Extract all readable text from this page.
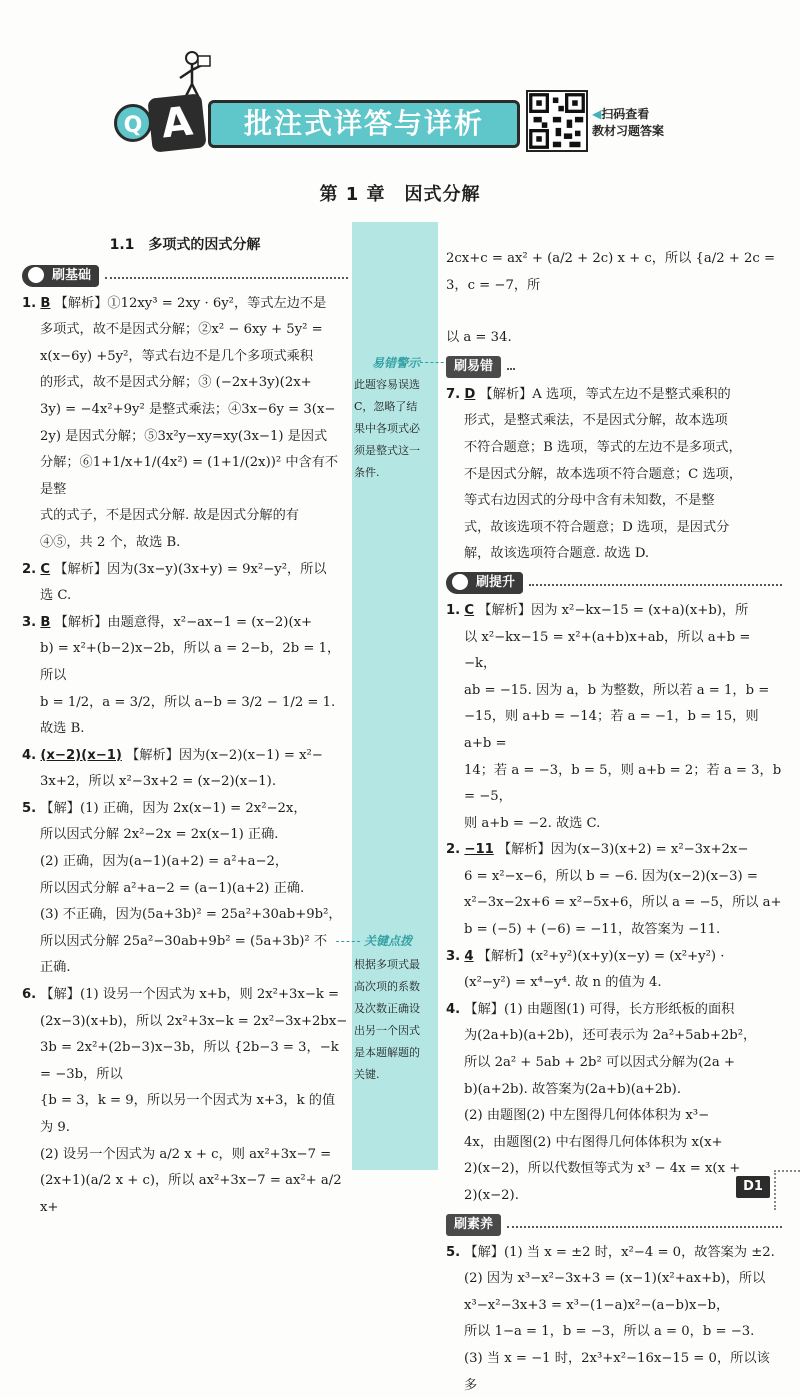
Q A	批注式详答与详析	◀扫码查看
教材习题答案
第 1 章　因式分解
易错警示
此题容易误选
C，忽略了结
果中各项式必
须是整式这一
条件.
关键点拨
根据多项式最
高次项的系数
及次数正确设
出另一个因式
是本题解题的
关键.
1.1　多项式的因式分解
刷基础
1. B 【解析】①12xy³ = 2xy · 6y²，等式左边不是
多项式，故不是因式分解；②x² − 6xy + 5y² =
x(x−6y) +5y²，等式右边不是几个多项式乘积
的形式，故不是因式分解；③ (−2x+3y)(2x+
3y) = −4x²+9y² 是整式乘法；④3x−6y = 3(x−
2y) 是因式分解；⑤3x²y−xy=xy(3x−1) 是因式
分解；⑥1+1/x+1/(4x²) = (1+1/(2x))² 中含有不是整
式的式子，不是因式分解. 故是因式分解的有
④⑤，共 2 个，故选 B.
2. C 【解析】因为(3x−y)(3x+y) = 9x²−y²，所以
选 C.
3. B 【解析】由题意得，x²−ax−1 = (x−2)(x+
b) = x²+(b−2)x−2b，所以 a = 2−b，2b = 1，所以
b = 1/2，a = 3/2，所以 a−b = 3/2 − 1/2 = 1. 故选 B.
4. (x−2)(x−1) 【解析】因为(x−2)(x−1) = x²−
3x+2，所以 x²−3x+2 = (x−2)(x−1).
5. 【解】(1) 正确，因为 2x(x−1) = 2x²−2x，
所以因式分解 2x²−2x = 2x(x−1) 正确.
(2) 正确，因为(a−1)(a+2) = a²+a−2，
所以因式分解 a²+a−2 = (a−1)(a+2) 正确.
(3) 不正确，因为(5a+3b)² = 25a²+30ab+9b²，
所以因式分解 25a²−30ab+9b² = (5a+3b)² 不
正确.
6. 【解】(1) 设另一个因式为 x+b，则 2x²+3x−k =
(2x−3)(x+b)，所以 2x²+3x−k = 2x²−3x+2bx−
3b = 2x²+(2b−3)x−3b，所以 {2b−3 = 3，−k = −3b，所以
{b = 3，k = 9，所以另一个因式为 x+3，k 的值为 9.
(2) 设另一个因式为 a/2 x + c，则 ax²+3x−7 =
(2x+1)(a/2 x + c)，所以 ax²+3x−7 = ax²+ a/2 x+
2cx+c = ax² + (a/2 + 2c) x + c，所以 {a/2 + 2c = 3，c = −7，所
以 a = 34.
刷易错
7. D 【解析】A 选项，等式左边不是整式乘积的
形式，是整式乘法，不是因式分解，故本选项
不符合题意；B 选项，等式的左边不是多项式，
不是因式分解，故本选项不符合题意；C 选项，
等式右边因式的分母中含有未知数，不是整
式，故该选项不符合题意；D 选项，是因式分
解，故该选项符合题意. 故选 D.
刷提升
1. C 【解析】因为 x²−kx−15 = (x+a)(x+b)，所
以 x²−kx−15 = x²+(a+b)x+ab，所以 a+b = −k，
ab = −15. 因为 a，b 为整数，所以若 a = 1，b =
−15，则 a+b = −14；若 a = −1，b = 15，则 a+b =
14；若 a = −3，b = 5，则 a+b = 2；若 a = 3，b = −5，
则 a+b = −2. 故选 C.
2. −11 【解析】因为(x−3)(x+2) = x²−3x+2x−
6 = x²−x−6，所以 b = −6. 因为(x−2)(x−3) =
x²−3x−2x+6 = x²−5x+6，所以 a = −5，所以 a+
b = (−5) + (−6) = −11，故答案为 −11.
3. 4 【解析】(x²+y²)(x+y)(x−y) = (x²+y²) ·
(x²−y²) = x⁴−y⁴. 故 n 的值为 4.
4. 【解】(1) 由题图(1) 可得，长方形纸板的面积
为(2a+b)(a+2b)，还可表示为 2a²+5ab+2b²，
所以 2a² + 5ab + 2b² 可以因式分解为(2a +
b)(a+2b). 故答案为(2a+b)(a+2b).
(2) 由题图(2) 中左图得几何体体积为 x³−
4x，由题图(2) 中右图得几何体体积为 x(x+
2)(x−2)，所以代数恒等式为 x³ − 4x = x(x +
2)(x−2).
刷素养
5. 【解】(1) 当 x = ±2 时，x²−4 = 0，故答案为 ±2.
(2) 因为 x³−x²−3x+3 = (x−1)(x²+ax+b)，所以
x³−x²−3x+3 = x³−(1−a)x²−(a−b)x−b，
所以 1−a = 1，b = −3，所以 a = 0，b = −3.
(3) 当 x = −1 时，2x³+x²−16x−15 = 0，所以该多
D1
